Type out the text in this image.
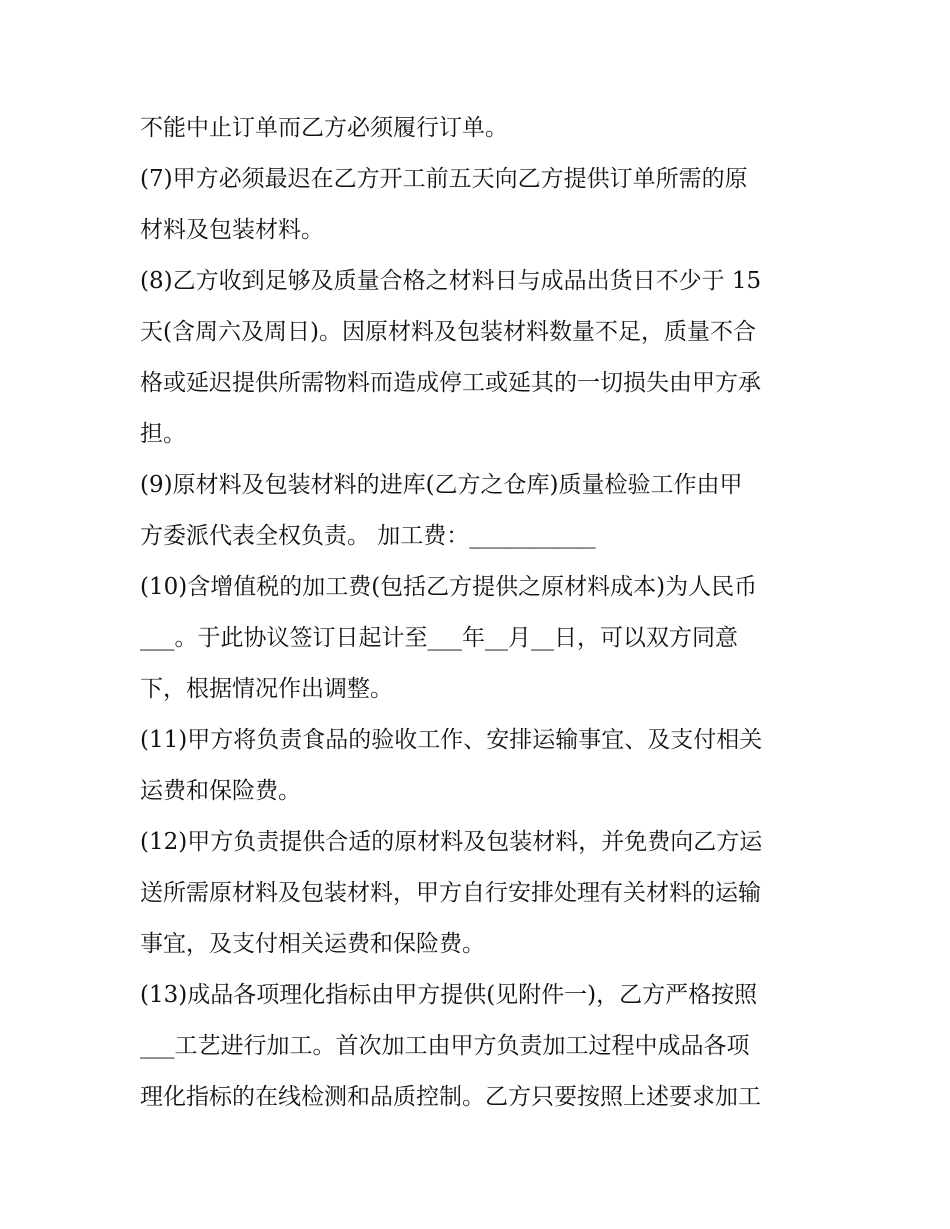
不能中止订单而乙方必须履行订单。
(7)甲方必须最迟在乙方开工前五天向乙方提供订单所需的原
材料及包装材料。
(8)乙方收到足够及质量合格之材料日与成品出货日不少于 15
天(含周六及周日)。因原材料及包装材料数量不足，质量不合
格或延迟提供所需物料而造成停工或延其的一切损失由甲方承
担。
(9)原材料及包装材料的进库(乙方之仓库)质量检验工作由甲
方委派代表全权负责。 加工费：___________
(10)含增值税的加工费(包括乙方提供之原材料成本)为人民币
___。于此协议签订日起计至___年__月__日，可以双方同意
下，根据情况作出调整。
(11)甲方将负责食品的验收工作、安排运输事宜、及支付相关
运费和保险费。
(12)甲方负责提供合适的原材料及包装材料，并免费向乙方运
送所需原材料及包装材料，甲方自行安排处理有关材料的运输
事宜，及支付相关运费和保险费。
(13)成品各项理化指标由甲方提供(见附件一)，乙方严格按照
___工艺进行加工。首次加工由甲方负责加工过程中成品各项
理化指标的在线检测和品质控制。乙方只要按照上述要求加工
